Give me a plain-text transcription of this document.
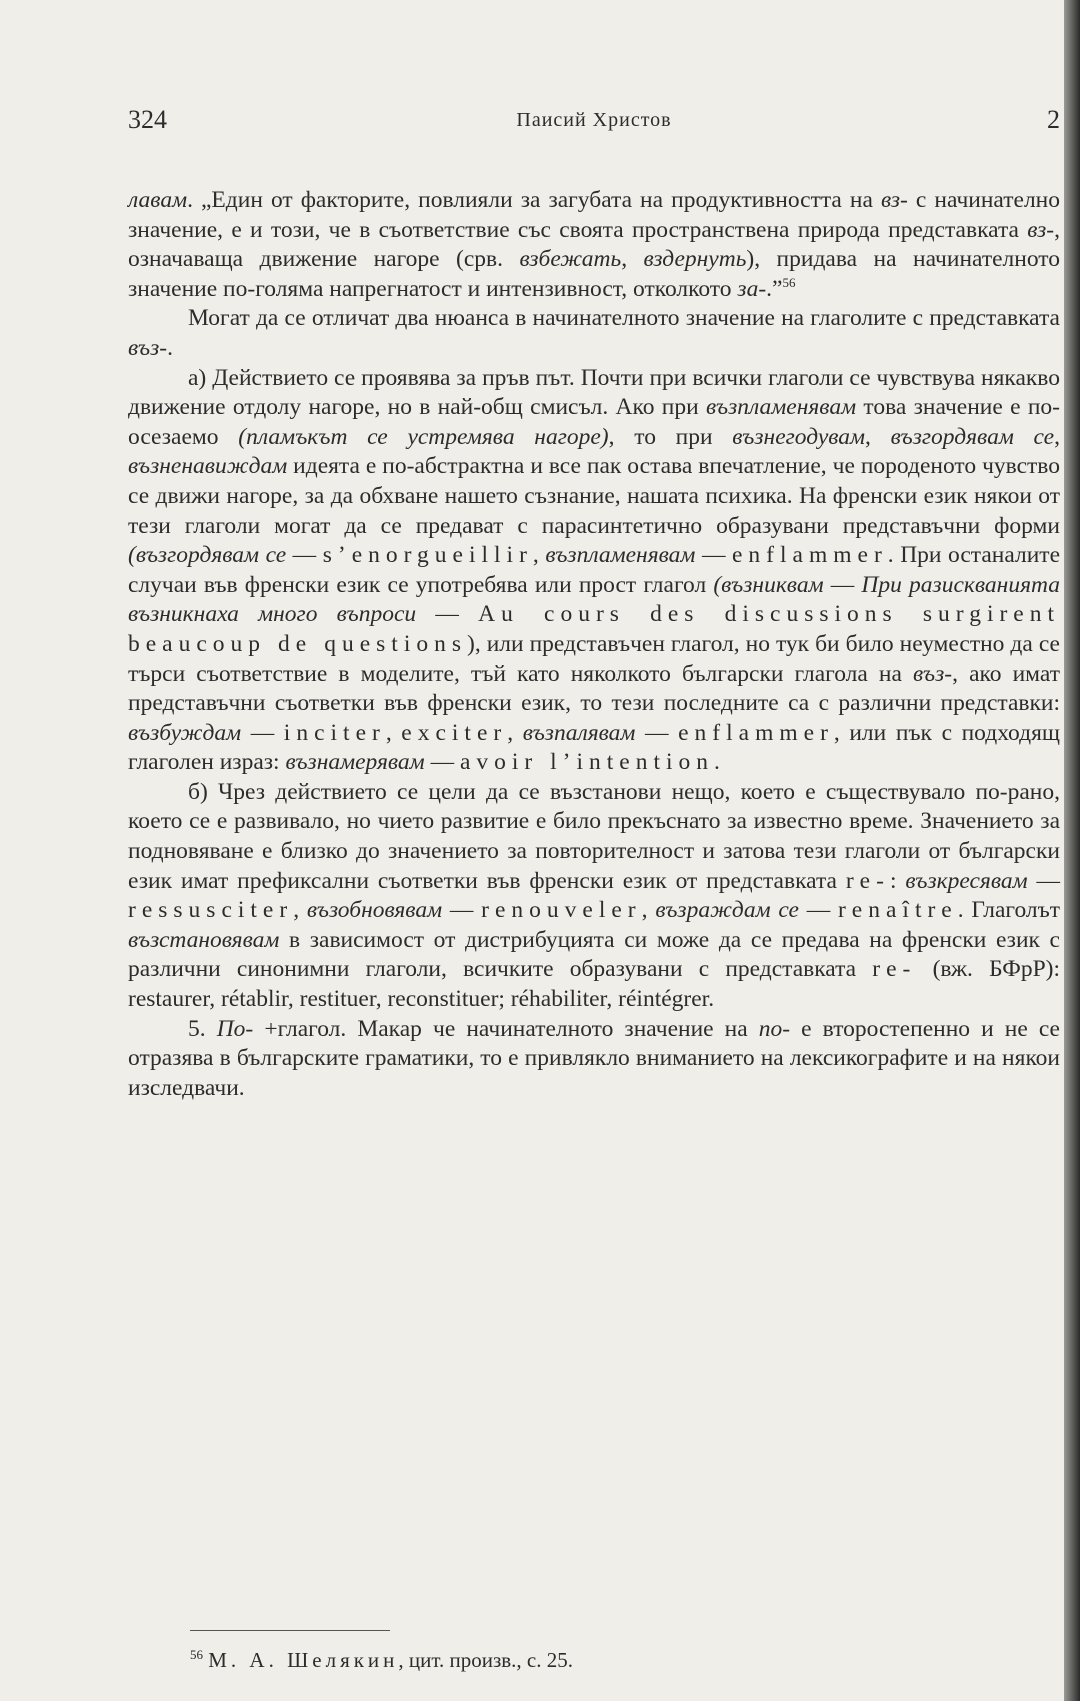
324	Паисий Христов	2

лавам. „Един от факторите, повлияли за загубата на продуктивността на вз- с начинателно значение, е и този, че в съответствие със своята пространствена природа представката вз-, означаваща движение нагоре (срв. взбежать, вздернуть), придава на начинателното значение по-голяма напрегнатост и интензивност, отколкото за-.”$^{56}$

Могат да се отличат два нюанса в начинателното значение на глаголите с представката въз-.

а) Действието се проявява за пръв път. Почти при всички глаголи се чувствува някакво движение отдолу нагоре, но в най-общ смисъл. Ако при възпламенявам това значение е по-осезаемо (пламъкът се устремява нагоре), то при възнегодувам, възгордявам се, възненавиждам идеята е по-абстрактна и все пак остава впечатление, че породеното чувство се движи нагоре, за да обхване нашето съзнание, нашата психика. На френски език някои от тези глаголи могат да се предават с парасинтетично образувани представъчни форми (възгордявам се — s’enorgueillir, възпламенявам — enflammer. При останалите случаи във френски език се употребява или прост глагол (възниквам — При разискванията възникнаха много въпроси — Au cours des discussions surgirent beaucoup de questions), или представъчен глагол, но тук би било неуместно да се търси съответствие в моделите, тъй като няколкото български глагола на въз-, ако имат представъчни съответки във френски език, то тези последните са с различни представки: възбуждам — inciter, exciter, възпалявам — enflammer, или пък с подходящ глаголен израз: възнамерявам — avoir l’intention.

б) Чрез действието се цели да се възстанови нещо, което е съществувало по-рано, което се е развивало, но чието развитие е било прекъснато за известно време. Значението за подновяване е близко до значението за повторителност и затова тези глаголи от български език имат префиксални съответки във френски език от представката re-: възкресявам — ressusciter, възобновявам — renouveler, възраждам се — renaître. Глаголът възстановявам в зависимост от дистрибуцията си може да се предава на френски език с различни синонимни глаголи, всичките образувани с представката re- (вж. БФрР): restaurer, rétablir, restituer, reconstituer; réhabiliter, réintégrer.

5. По- +глагол. Макар че начинателното значение на по- е второстепенно и не се отразява в българските граматики, то е привлякло вниманието на лексикографите и на някои изследвачи.

$^{56}$ М. А. Шелякин, цит. произв., с. 25.
